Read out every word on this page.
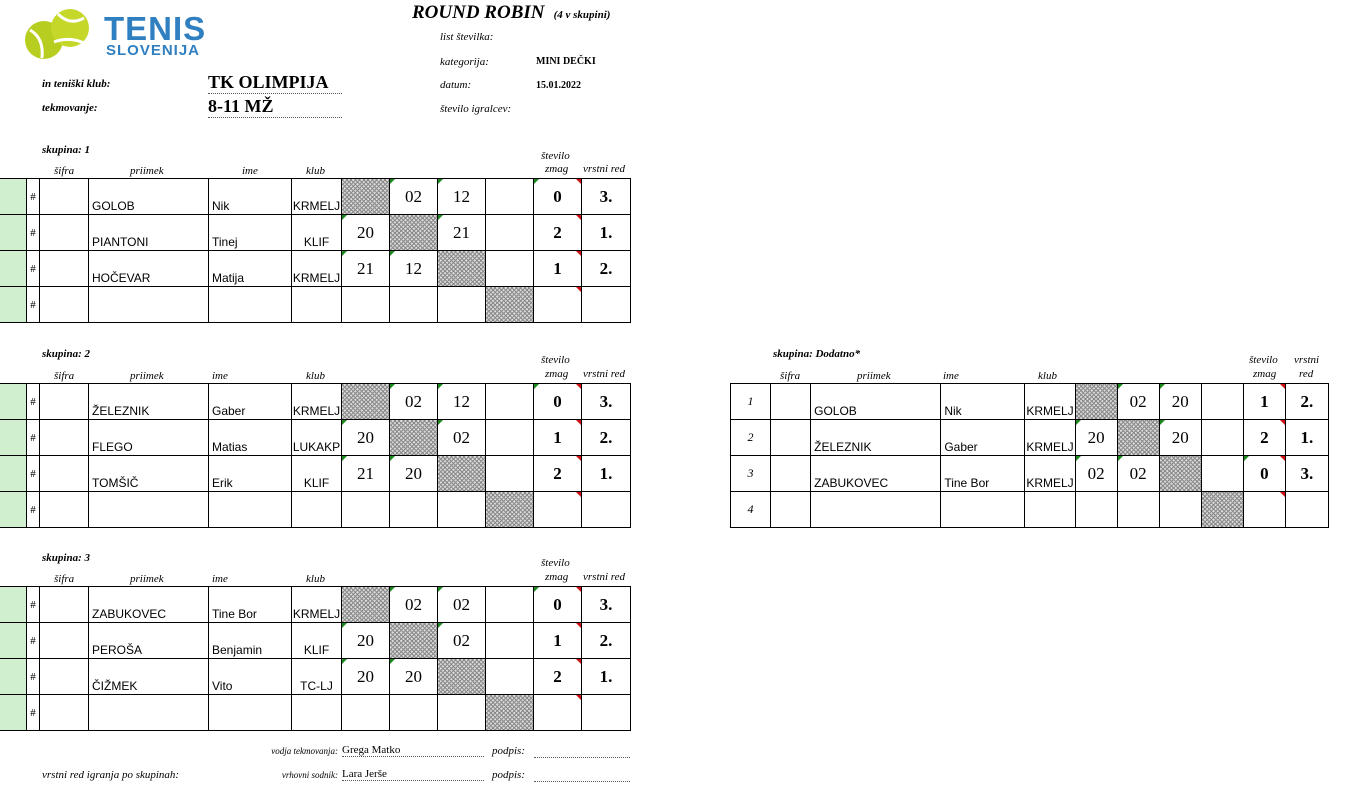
TENIS
SLOVENIJA
in teniški klub:	TK OLIMPIJA
tekmovanje:	8-11 MŽ
ROUND ROBIN (4 v skupini)
list številka:
kategorija:	MINI DEČKI
datum:	15.01.2022
število igralcev:
skupina: 1
šifra	priimek	ime	klub
število
zmag vrstni red
	#		GOLOB	Nik	KRMELJ		02	12		0	3.
	#		PIANTONI	Tinej	KLIF	20		21		2	1.
	#		HOČEVAR	Matija	KRMELJ	21	12			1	2.
	#										
skupina: 2
šifra	priimek	ime	klub
število
zmag vrstni red
	#		ŽELEZNIK	Gaber	KRMELJ		02	12		0	3.
	#		FLEGO	Matias	LUKAKP	20		02		1	2.
	#		TOMŠIČ	Erik	KLIF	21	20			2	1.
	#										
skupina: 3
šifra	priimek	ime	klub
število
zmag vrstni red
	#		ZABUKOVEC	Tine Bor	KRMELJ		02	02		0	3.
	#		PEROŠA	Benjamin	KLIF	20		02		1	2.
	#		ČIŽMEK	Vito	TC-LJ	20	20			2	1.
	#										
skupina: Dodatno*
šifra	priimek	ime	klub
število
zmag
vrstni
red
1		GOLOB	Nik	KRMELJ		02	20		1	2.
2		ŽELEZNIK	Gaber	KRMELJ	20		20		2	1.
3		ZABUKOVEC	Tine Bor	KRMELJ	02	02			0	3.
4										
vodja tekmovanja: Grega Matko	podpis:
vrstni red igranja po skupinah:	vrhovni sodnik: Lara Jerše	podpis:
